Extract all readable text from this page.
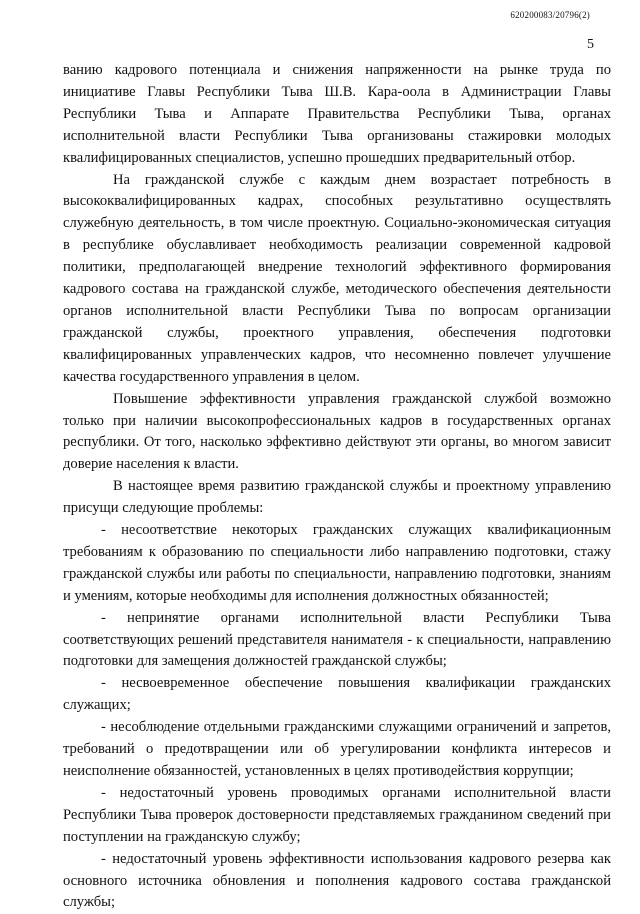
620200083/20796(2)
5

ванию кадрового потенциала и снижения напряженности на рынке труда по инициативе Главы Республики Тыва Ш.В. Кара-оола в Администрации Главы Республики Тыва и Аппарате Правительства Республики Тыва, органах исполнительной власти Республики Тыва организованы стажировки молодых квалифицированных специалистов, успешно прошедших предварительный отбор.

На гражданской службе с каждым днем возрастает потребность в высококвалифицированных кадрах, способных результативно осуществлять служебную деятельность, в том числе проектную. Социально-экономическая ситуация в республике обуславливает необходимость реализации современной кадровой политики, предполагающей внедрение технологий эффективного формирования кадрового состава на гражданской службе, методического обеспечения деятельности органов исполнительной власти Республики Тыва по вопросам организации гражданской службы, проектного управления, обеспечения подготовки квалифицированных управленческих кадров, что несомненно повлечет улучшение качества государственного управления в целом.

Повышение эффективности управления гражданской службой возможно только при наличии высокопрофессиональных кадров в государственных органах республики. От того, насколько эффективно действуют эти органы, во многом зависит доверие населения к власти.

В настоящее время развитию гражданской службы и проектному управлению присущи следующие проблемы:

- несоответствие некоторых гражданских служащих квалификационным требованиям к образованию по специальности либо направлению подготовки, стажу гражданской службы или работы по специальности, направлению подготовки, знаниям и умениям, которые необходимы для исполнения должностных обязанностей;

- непринятие органами исполнительной власти Республики Тыва соответствующих решений представителя нанимателя - к специальности, направлению подготовки для замещения должностей гражданской службы;

- несвоевременное обеспечение повышения квалификации гражданских служащих;

- несоблюдение отдельными гражданскими служащими ограничений и запретов, требований о предотвращении или об урегулировании конфликта интересов и неисполнение обязанностей, установленных в целях противодействия коррупции;

- недостаточный уровень проводимых органами исполнительной власти Республики Тыва проверок достоверности представляемых гражданином сведений при поступлении на гражданскую службу;

- недостаточный уровень эффективности использования кадрового резерва как основного источника обновления и пополнения кадрового состава гражданской службы;
